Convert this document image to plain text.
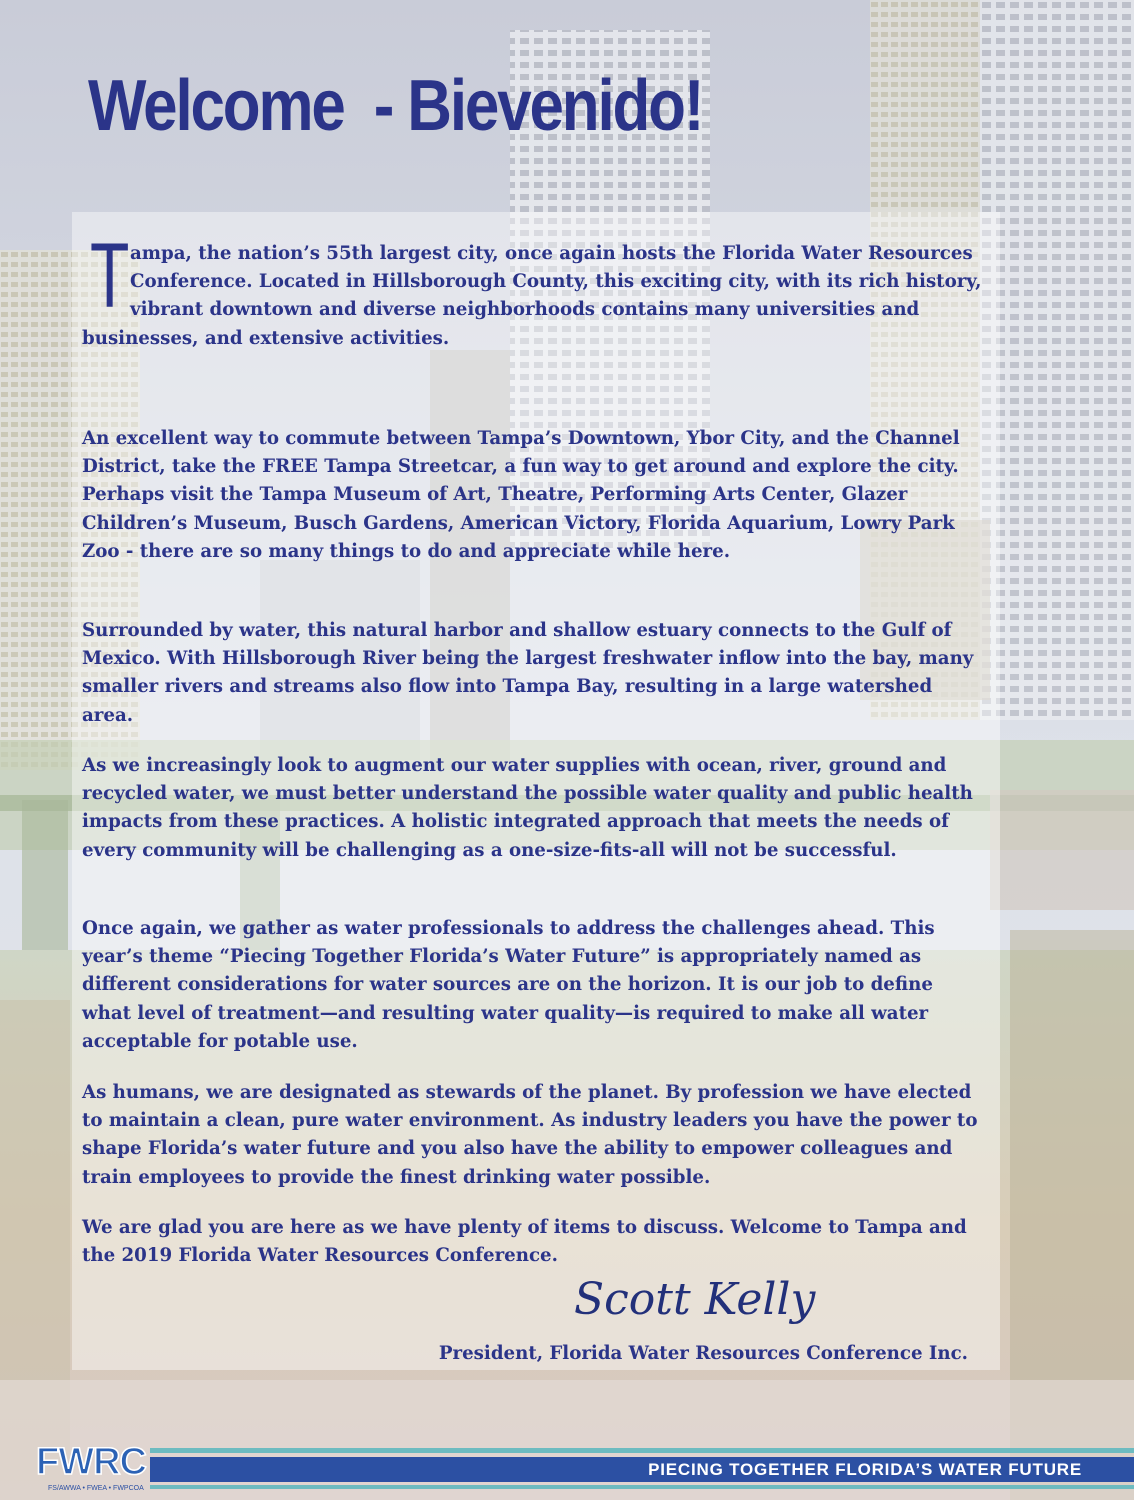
Welcome  - Bievenido!

Tampa, the nation’s 55th largest city, once again hosts the Florida Water Resources Conference. Located in Hillsborough County, this exciting city, with its rich history, vibrant downtown and diverse neighborhoods contains many universities and businesses, and extensive activities.

An excellent way to commute between Tampa’s Downtown, Ybor City, and the Channel District, take the FREE Tampa Streetcar, a fun way to get around and explore the city. Perhaps visit the Tampa Museum of Art, Theatre, Performing Arts Center, Glazer Children’s Museum, Busch Gardens, American Victory, Florida Aquarium, Lowry Park Zoo - there are so many things to do and appreciate while here.

Surrounded by water, this natural harbor and shallow estuary connects to the Gulf of Mexico. With Hillsborough River being the largest freshwater inflow into the bay, many smaller rivers and streams also flow into Tampa Bay, resulting in a large watershed area.

As we increasingly look to augment our water supplies with ocean, river, ground and recycled water, we must better understand the possible water quality and public health impacts from these practices. A holistic integrated approach that meets the needs of every community will be challenging as a one-size-fits-all will not be successful.

Once again, we gather as water professionals to address the challenges ahead. This year’s theme “Piecing Together Florida’s Water Future” is appropriately named as different considerations for water sources are on the horizon. It is our job to define what level of treatment—and resulting water quality—is required to make all water acceptable for potable use.

As humans, we are designated as stewards of the planet. By profession we have elected to maintain a clean, pure water environment. As industry leaders you have the power to shape Florida’s water future and you also have the ability to empower colleagues and train employees to provide the finest drinking water possible.

We are glad you are here as we have plenty of items to discuss. Welcome to Tampa and the 2019 Florida Water Resources Conference.

Scott Kelly

President, Florida Water Resources Conference Inc.

PIECING TOGETHER FLORIDA’S WATER FUTURE

FWRC
FS/AWWA • FWEA • FWPCOA
